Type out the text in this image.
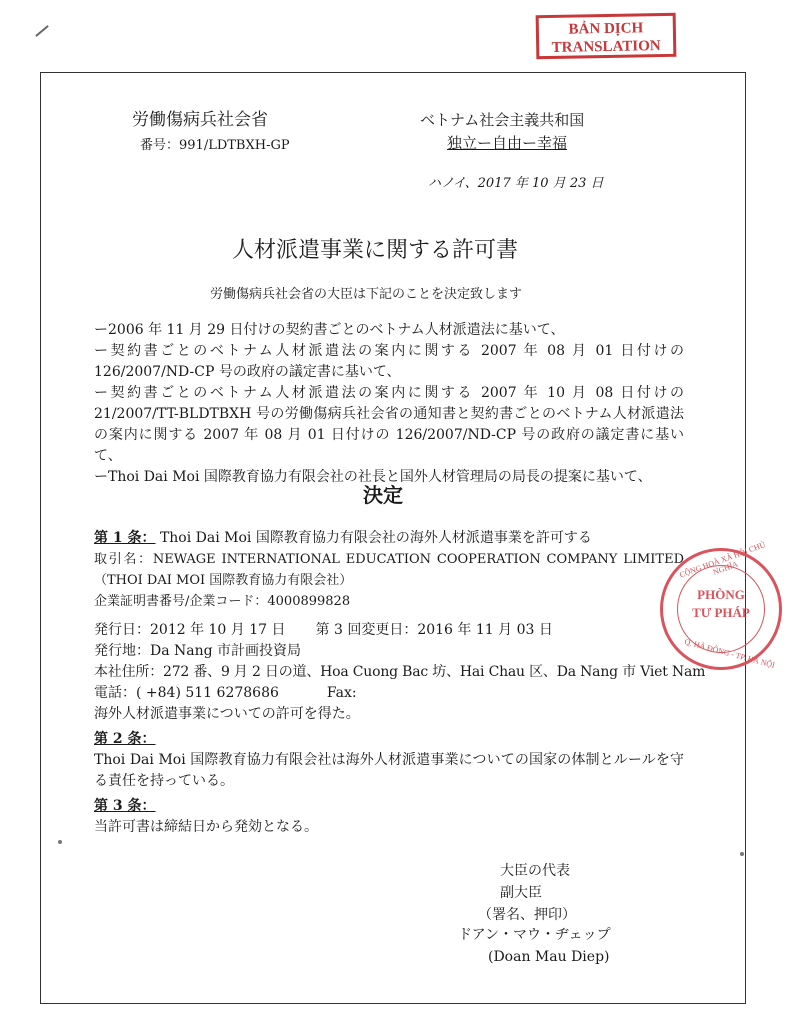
BẢN DỊCH
TRANSLATION
労働傷病兵社会省
番号：991/LDTBXH-GP
ベトナム社会主義共和国
独立ー自由ー幸福
ハノイ、2017 年 10 月 23 日
人材派遣事業に関する許可書
労働傷病兵社会省の大臣は下記のことを決定致します
ー2006 年 11 月 29 日付けの契約書ごとのベトナム人材派遣法に基いて、
ー契約書ごとのベトナム人材派遣法の案内に関する 2007 年 08 月 01 日付けの 126/2007/ND-CP 号の政府の議定書に基いて、
ー契約書ごとのベトナム人材派遣法の案内に関する 2007 年 10 月 08 日付けの 21/2007/TT-BLDTBXH 号の労働傷病兵社会省の通知書と契約書ごとのベトナム人材派遣法の案内に関する 2007 年 08 月 01 日付けの 126/2007/ND-CP 号の政府の議定書に基いて、
ーThoi Dai Moi 国際教育協力有限会社の社長と国外人材管理局の局長の提案に基いて、
決定
第 1 条： Thoi Dai Moi 国際教育協力有限会社の海外人材派遣事業を許可する
取引名：NEWAGE INTERNATIONAL EDUCATION COOPERATION COMPANY LIMITED（THOI DAI MOI 国際教育協力有限会社）
企業証明書番号/企業コード：4000899828
発行日：2012 年 10 月 17 日 第 3 回変更日：2016 年 11 月 03 日
発行地：Da Nang 市計画投資局
本社住所：272 番、9 月 2 日の道、Hoa Cuong Bac 坊、Hai Chau 区、Da Nang 市 Viet Nam
電話：( +84) 511 6278686	Fax:
海外人材派遣事業についての許可を得た。
第 2 条：
Thoi Dai Moi 国際教育協力有限会社は海外人材派遣事業についての国家の体制とルールを守る責任を持っている。
第 3 条：
当許可書は締結日から発効となる。
大臣の代表
副大臣
（署名、押印）
ドアン・マウ・ヂェップ
(Doan Mau Diep)
CỘNG HOÀ XÃ HỘI CHỦ NGHĨA
PHÒNG
TƯ PHÁP
Q. HÀ ĐÔNG - TP. HÀ NỘI
